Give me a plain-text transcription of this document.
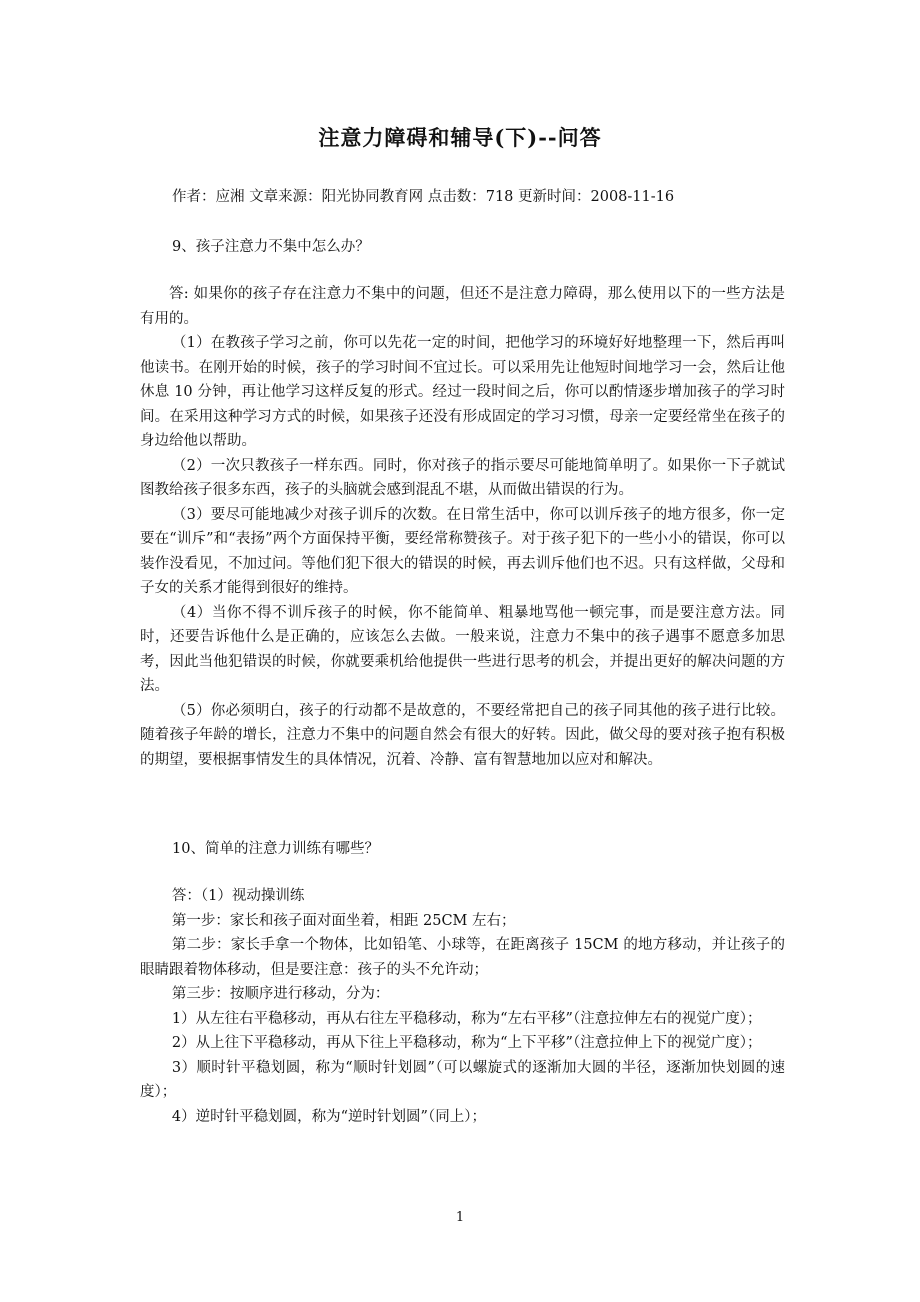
注意力障碍和辅导(下)--问答
作者：应湘 文章来源：阳光协同教育网 点击数：718 更新时间：2008-11-16
9、孩子注意力不集中怎么办？

答: 如果你的孩子存在注意力不集中的问题，但还不是注意力障碍，那么使用以下的一些方法是有用的。

（1）在教孩子学习之前，你可以先花一定的时间，把他学习的环境好好地整理一下，然后再叫他读书。在刚开始的时候，孩子的学习时间不宜过长。可以采用先让他短时间地学习一会，然后让他休息 10 分钟，再让他学习这样反复的形式。经过一段时间之后，你可以酌情逐步增加孩子的学习时间。在采用这种学习方式的时候，如果孩子还没有形成固定的学习习惯，母亲一定要经常坐在孩子的身边给他以帮助。

（2）一次只教孩子一样东西。同时，你对孩子的指示要尽可能地简单明了。如果你一下子就试图教给孩子很多东西，孩子的头脑就会感到混乱不堪，从而做出错误的行为。

（3）要尽可能地减少对孩子训斥的次数。在日常生活中，你可以训斥孩子的地方很多，你一定要在“训斥”和“表扬”两个方面保持平衡，要经常称赞孩子。对于孩子犯下的一些小小的错误，你可以装作没看见，不加过问。等他们犯下很大的错误的时候，再去训斥他们也不迟。只有这样做，父母和子女的关系才能得到很好的维持。

（4）当你不得不训斥孩子的时候，你不能简单、粗暴地骂他一顿完事，而是要注意方法。同时，还要告诉他什么是正确的，应该怎么去做。一般来说，注意力不集中的孩子遇事不愿意多加思考，因此当他犯错误的时候，你就要乘机给他提供一些进行思考的机会，并提出更好的解决问题的方法。

（5）你必须明白，孩子的行动都不是故意的，不要经常把自己的孩子同其他的孩子进行比较。随着孩子年龄的增长，注意力不集中的问题自然会有很大的好转。因此，做父母的要对孩子抱有积极的期望，要根据事情发生的具体情况，沉着、冷静、富有智慧地加以应对和解决。

10、简单的注意力训练有哪些？

答：（1）视动操训练

第一步：家长和孩子面对面坐着，相距 25CM 左右；

第二步：家长手拿一个物体，比如铅笔、小球等，在距离孩子 15CM 的地方移动，并让孩子的眼睛跟着物体移动，但是要注意：孩子的头不允许动；

第三步：按顺序进行移动，分为：

1）从左往右平稳移动，再从右往左平稳移动，称为“左右平移”（注意拉伸左右的视觉广度）；

2）从上往下平稳移动，再从下往上平稳移动，称为“上下平移”（注意拉伸上下的视觉广度）；

3）顺时针平稳划圆，称为“顺时针划圆”（可以螺旋式的逐渐加大圆的半径，逐渐加快划圆的速度）；

4）逆时针平稳划圆，称为“逆时针划圆”（同上）；

1
